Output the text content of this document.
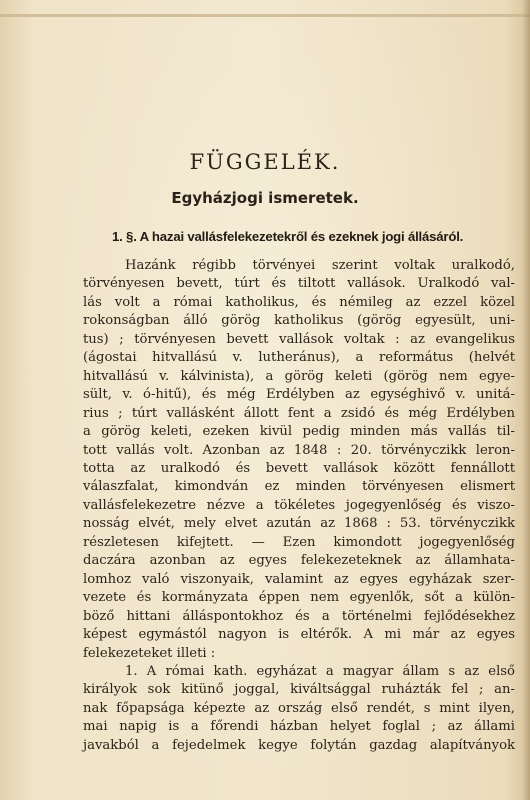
FÜGGELÉK.
Egyházjogi ismeretek.
1. §. A hazai vallásfelekezetekről és ezeknek jogi állásáról.
Hazánk régibb törvényei szerint voltak uralkodó,
törvényesen bevett, túrt és tiltott vallások. Uralkodó val-
lás volt a római katholikus, és némileg az ezzel közel
rokonságban álló görög katholikus (görög egyesült, uni-
tus) ; törvényesen bevett vallások voltak : az evangelikus
(ágostai hitvallású v. lutheránus), a református (helvét
hitvallású v. kálvinista), a görög keleti (görög nem egye-
sült, v. ó-hitű), és még Erdélyben az egységhivő v. unitá-
rius ; túrt vallásként állott fent a zsidó és még Erdélyben
a görög keleti, ezeken kivül pedig minden más vallás til-
tott vallás volt. Azonban az 1848 : 20. törvényczikk leron-
totta az uralkodó és bevett vallások között fennállott
válaszfalat, kimondván ez minden törvényesen elismert
vallásfelekezetre nézve a tökéletes jogegyenlőség és viszo-
nosság elvét, mely elvet azután az 1868 : 53. törvényczikk
részletesen kifejtett. — Ezen kimondott jogegyenlőség
daczára azonban az egyes felekezeteknek az államhata-
lomhoz való viszonyaik, valamint az egyes egyházak szer-
vezete és kormányzata éppen nem egyenlők, sőt a külön-
böző hittani álláspontokhoz és a történelmi fejlődésekhez
képest egymástól nagyon is eltérők. A mi már az egyes
felekezeteket illeti :
1. A római kath. egyházat a magyar állam s az első
királyok sok kitünő joggal, kiváltsággal ruházták fel ; an-
nak főpapsága képezte az ország első rendét, s mint ilyen,
mai napig is a főrendi házban helyet foglal ; az állami
javakból a fejedelmek kegye folytán gazdag alapítványok
